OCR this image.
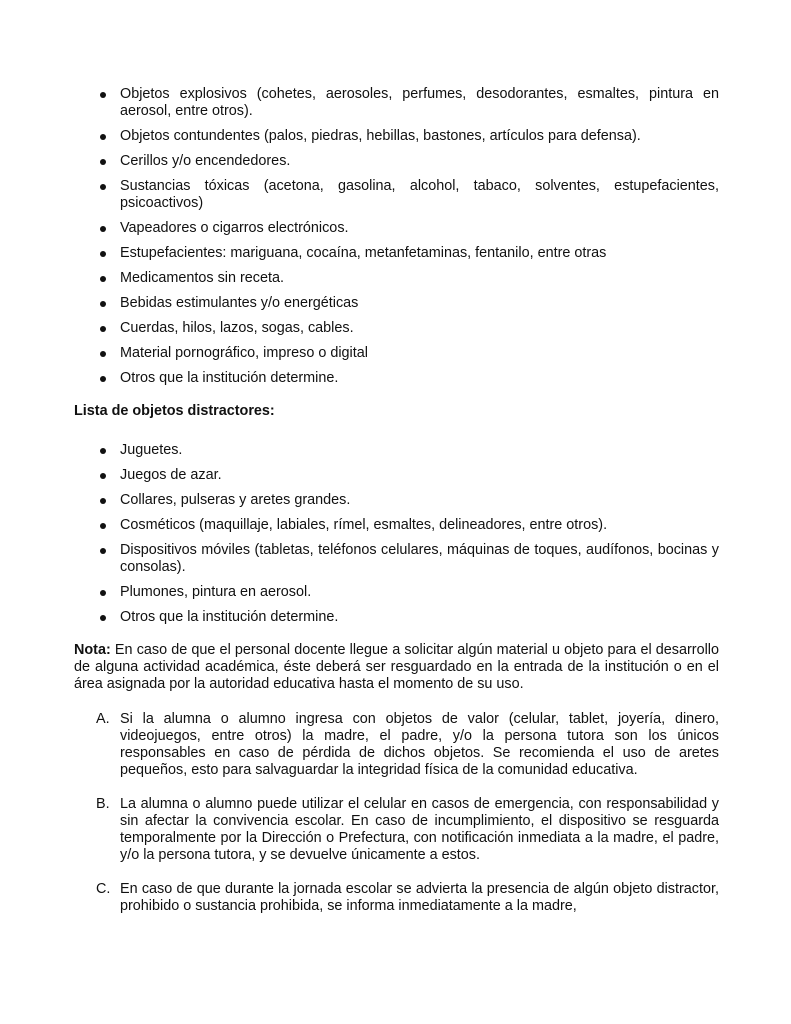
Objetos explosivos (cohetes, aerosoles, perfumes, desodorantes, esmaltes, pintura en aerosol, entre otros).
Objetos contundentes (palos, piedras, hebillas, bastones, artículos para defensa).
Cerillos y/o encendedores.
Sustancias tóxicas (acetona, gasolina, alcohol, tabaco, solventes, estupefacientes, psicoactivos)
Vapeadores o cigarros electrónicos.
Estupefacientes: mariguana, cocaína, metanfetaminas, fentanilo, entre otras
Medicamentos sin receta.
Bebidas estimulantes y/o energéticas
Cuerdas, hilos, lazos, sogas, cables.
Material pornográfico, impreso o digital
Otros que la institución determine.
Lista de objetos distractores:
Juguetes.
Juegos de azar.
Collares, pulseras y aretes grandes.
Cosméticos (maquillaje, labiales, rímel, esmaltes, delineadores, entre otros).
Dispositivos móviles (tabletas, teléfonos celulares, máquinas de toques, audífonos, bocinas y consolas).
Plumones, pintura en aerosol.
Otros que la institución determine.

Nota: En caso de que el personal docente llegue a solicitar algún material u objeto para el desarrollo de alguna actividad académica, éste deberá ser resguardado en la entrada de la institución o en el área asignada por la autoridad educativa hasta el momento de su uso.

A. Si la alumna o alumno ingresa con objetos de valor (celular, tablet, joyería, dinero, videojuegos, entre otros) la madre, el padre, y/o la persona tutora son los únicos responsables en caso de pérdida de dichos objetos. Se recomienda el uso de aretes pequeños, esto para salvaguardar la integridad física de la comunidad educativa.
B. La alumna o alumno puede utilizar el celular en casos de emergencia, con responsabilidad y sin afectar la convivencia escolar. En caso de incumplimiento, el dispositivo se resguarda temporalmente por la Dirección o Prefectura, con notificación inmediata a la madre, el padre, y/o la persona tutora, y se devuelve únicamente a estos.
C. En caso de que durante la jornada escolar se advierta la presencia de algún objeto distractor, prohibido o sustancia prohibida, se informa inmediatamente a la madre,
